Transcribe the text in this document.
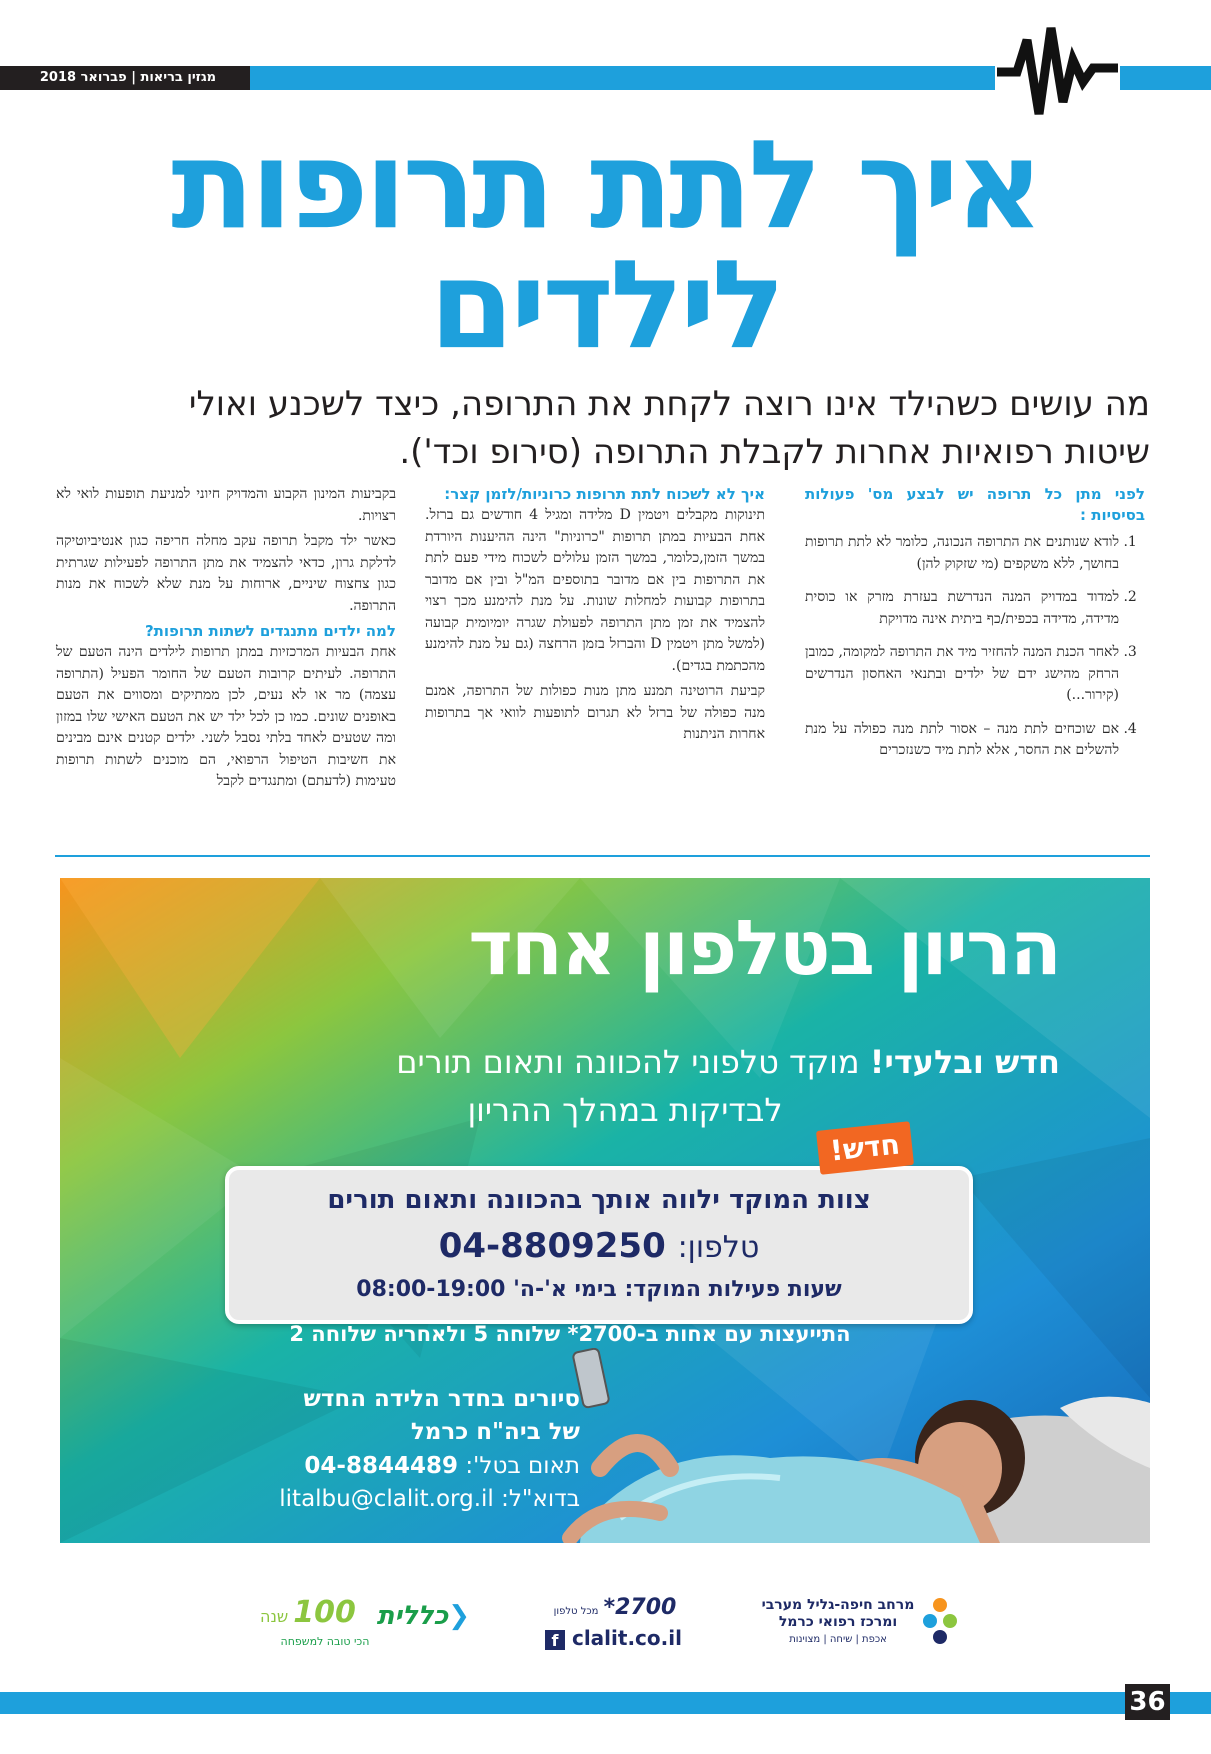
מגזין בריאות | פברואר 2018
איך לתת תרופות
לילדים
מה עושים כשהילד אינו רוצה לקחת את התרופה, כיצד לשכנע ואולי שיטות רפואיות אחרות לקבלת התרופה (סירופ וכד').
לפני מתן כל תרופה יש לבצע מס' פעולות בסיסיות :
1. לודא שנותנים את התרופה הנכונה, כלומר לא לתת תרופות בחושך, ללא משקפים (מי שזקוק להן)
2. למדוד במדויק המנה הנדרשת בעזרת מזרק או כוסית מדידה, מדידה בכפית/כף ביתית אינה מדויקת
3. לאחר הכנת המנה להחזיר מיד את התרופה למקומה, כמובן הרחק מהישג ידם של ילדים ובתנאי האחסון הנדרשים (קירור...)
4. אם שוכחים לתת מנה – אסור לתת מנה כפולה על מנת להשלים את החסר, אלא לתת מיד כשנזכרים
איך לא לשכוח לתת תרופות כרוניות/לזמן קצר:

תינוקות מקבלים ויטמין D מלידה ומגיל 4 חודשים גם ברזל. אחת הבעיות במתן תרופות "כרוניות" הינה ההיענות היורדת במשך הזמן,כלומר, במשך הזמן עלולים לשכוח מידי פעם לתת את התרופות בין אם מדובר בתוספים המ"ל ובין אם מדובר בתרופות קבועות למחלות שונות. על מנת להימנע מכך רצוי להצמיד את זמן מתן התרופה לפעולת שגרה יומיומית קבועה (למשל מתן ויטמין D והברזל בזמן הרחצה (גם על מנת להימנע מהכתמת בגדים).

קביעת הרוטינה תמנע מתן מנות כפולות של התרופה, אמנם מנה כפולה של ברזל לא תגרום לתופעות לוואי אך בתרופות אחרות הניתנות

בקביעות המינון הקבוע והמדויק חיוני למניעת תופעות לואי לא רצויות.

כאשר ילד מקבל תרופה עקב מחלה חריפה כגון אנטיביוטיקה לדלקת גרון, כדאי להצמיד את מתן התרופה לפעילות שגרתית כגון צחצוח שיניים, ארוחות על מנת שלא לשכוח את מנות התרופה.

למה ילדים מתנגדים לשתות תרופות?

אחת הבעיות המרכזיות במתן תרופות לילדים הינה הטעם של התרופה. לעיתים קרובות הטעם של החומר הפעיל (התרופה עצמה) מר או לא נעים, לכן ממתיקים ומסווים את הטעם באופנים שונים. כמו כן לכל ילד יש את הטעם האישי שלו במזון ומה שטעים לאחד בלתי נסבל לשני. ילדים קטנים אינם מבינים את חשיבות הטיפול הרפואי, הם מוכנים לשתות תרופות טעימות (לדעתם) ומתנגדים לקבל

הריון בטלפון אחד
חדש ובלעדי! מוקד טלפוני להכוונה ותאום תורים
לבדיקות במהלך ההריון
צוות המוקד ילווה אותך בהכוונה ותאום תורים
טלפון: 04-8809250
שעות פעילות המוקד: בימי א'-ה' 08:00-19:00
חדש!
התייעצות עם אחות ב-2700* שלוחה 5 ולאחריה שלוחה 2
סיורים בחדר הלידה החדש
של ביה"ח כרמל
תאום בטל': 04-8844489
בדוא"ל: litalbu@clalit.org.il
מרחב חיפה-גליל מערבי
ומרכז רפואי כרמל
אכפת | שיחה | מצוינות
2700* מכל טלפון
f clalit.co.il
❮כללית
100 שנה
הכי טובה למשפחה
36
